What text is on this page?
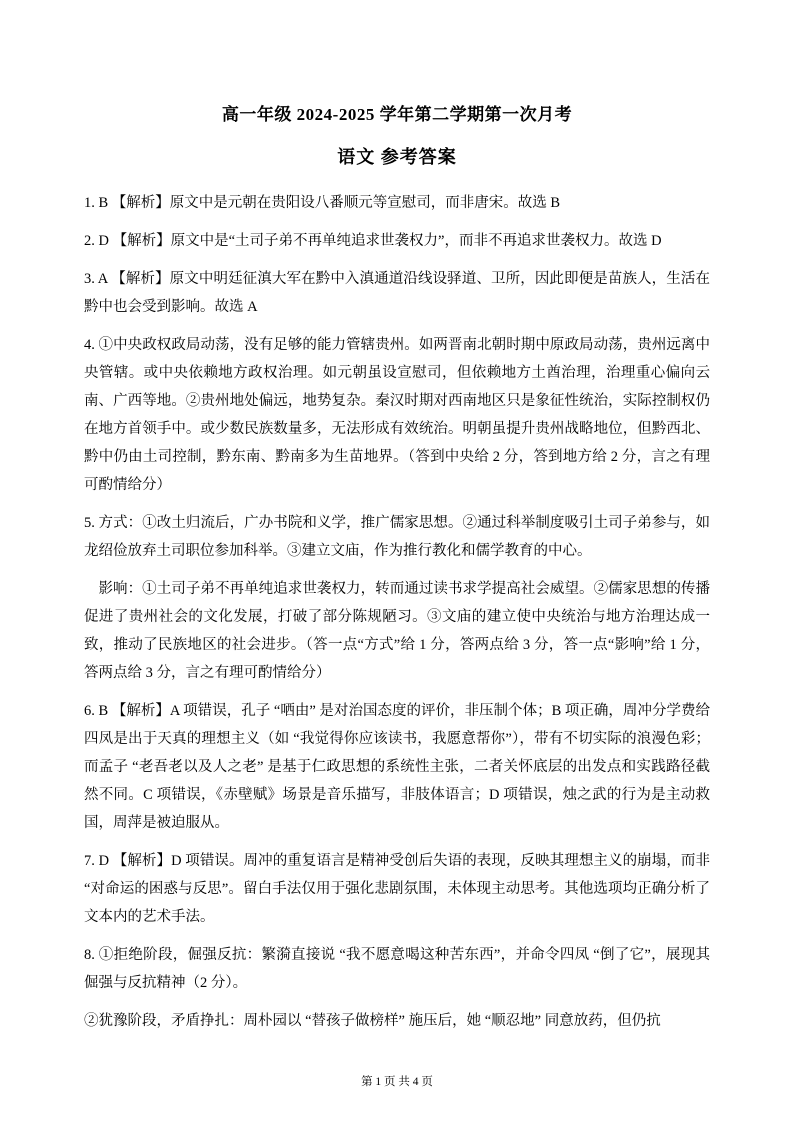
高一年级 2024-2025 学年第二学期第一次月考
语文 参考答案

1. B 【解析】原文中是元朝在贵阳设八番顺元等宣慰司，而非唐宋。故选 B

2. D 【解析】原文中是“土司子弟不再单纯追求世袭权力”，而非不再追求世袭权力。故选 D

3. A 【解析】原文中明廷征滇大军在黔中入滇通道沿线设驿道、卫所，因此即便是苗族人，生活在黔中也会受到影响。故选 A

4. ①中央政权政局动荡，没有足够的能力管辖贵州。如两晋南北朝时期中原政局动荡，贵州远离中央管辖。或中央依赖地方政权治理。如元朝虽设宣慰司，但依赖地方土酋治理，治理重心偏向云南、广西等地。②贵州地处偏远，地势复杂。秦汉时期对西南地区只是象征性统治，实际控制权仍在地方首领手中。或少数民族数量多，无法形成有效统治。明朝虽提升贵州战略地位，但黔西北、黔中仍由土司控制，黔东南、黔南多为生苗地界。（答到中央给 2 分，答到地方给 2 分，言之有理可酌情给分）

5. 方式：①改土归流后，广办书院和义学，推广儒家思想。②通过科举制度吸引土司子弟参与，如龙绍俭放弃土司职位参加科举。③建立文庙，作为推行教化和儒学教育的中心。

影响：①土司子弟不再单纯追求世袭权力，转而通过读书求学提高社会威望。②儒家思想的传播促进了贵州社会的文化发展，打破了部分陈规陋习。③文庙的建立使中央统治与地方治理达成一致，推动了民族地区的社会进步。（答一点“方式”给 1 分，答两点给 3 分，答一点“影响”给 1 分，答两点给 3 分，言之有理可酌情给分）

6. B 【解析】A 项错误，孔子 “哂由” 是对治国态度的评价，非压制个体；B 项正确，周冲分学费给四凤是出于天真的理想主义（如 “我觉得你应该读书，我愿意帮你”），带有不切实际的浪漫色彩；而孟子 “老吾老以及人之老” 是基于仁政思想的系统性主张，二者关怀底层的出发点和实践路径截然不同。C 项错误，《赤壁赋》场景是音乐描写，非肢体语言；D 项错误，烛之武的行为是主动救国，周萍是被迫服从。

7. D 【解析】D 项错误。周冲的重复语言是精神受创后失语的表现，反映其理想主义的崩塌，而非 “对命运的困惑与反思”。留白手法仅用于强化悲剧氛围，未体现主动思考。其他选项均正确分析了文本内的艺术手法。

8. ①拒绝阶段，倔强反抗：繁漪直接说 “我不愿意喝这种苦东西”，并命令四凤 “倒了它”，展现其倔强与反抗精神（2 分）。

②犹豫阶段，矛盾挣扎：周朴园以 “替孩子做榜样” 施压后，她 “顺忍地” 同意放药，但仍抗

第 1 页 共 4 页
